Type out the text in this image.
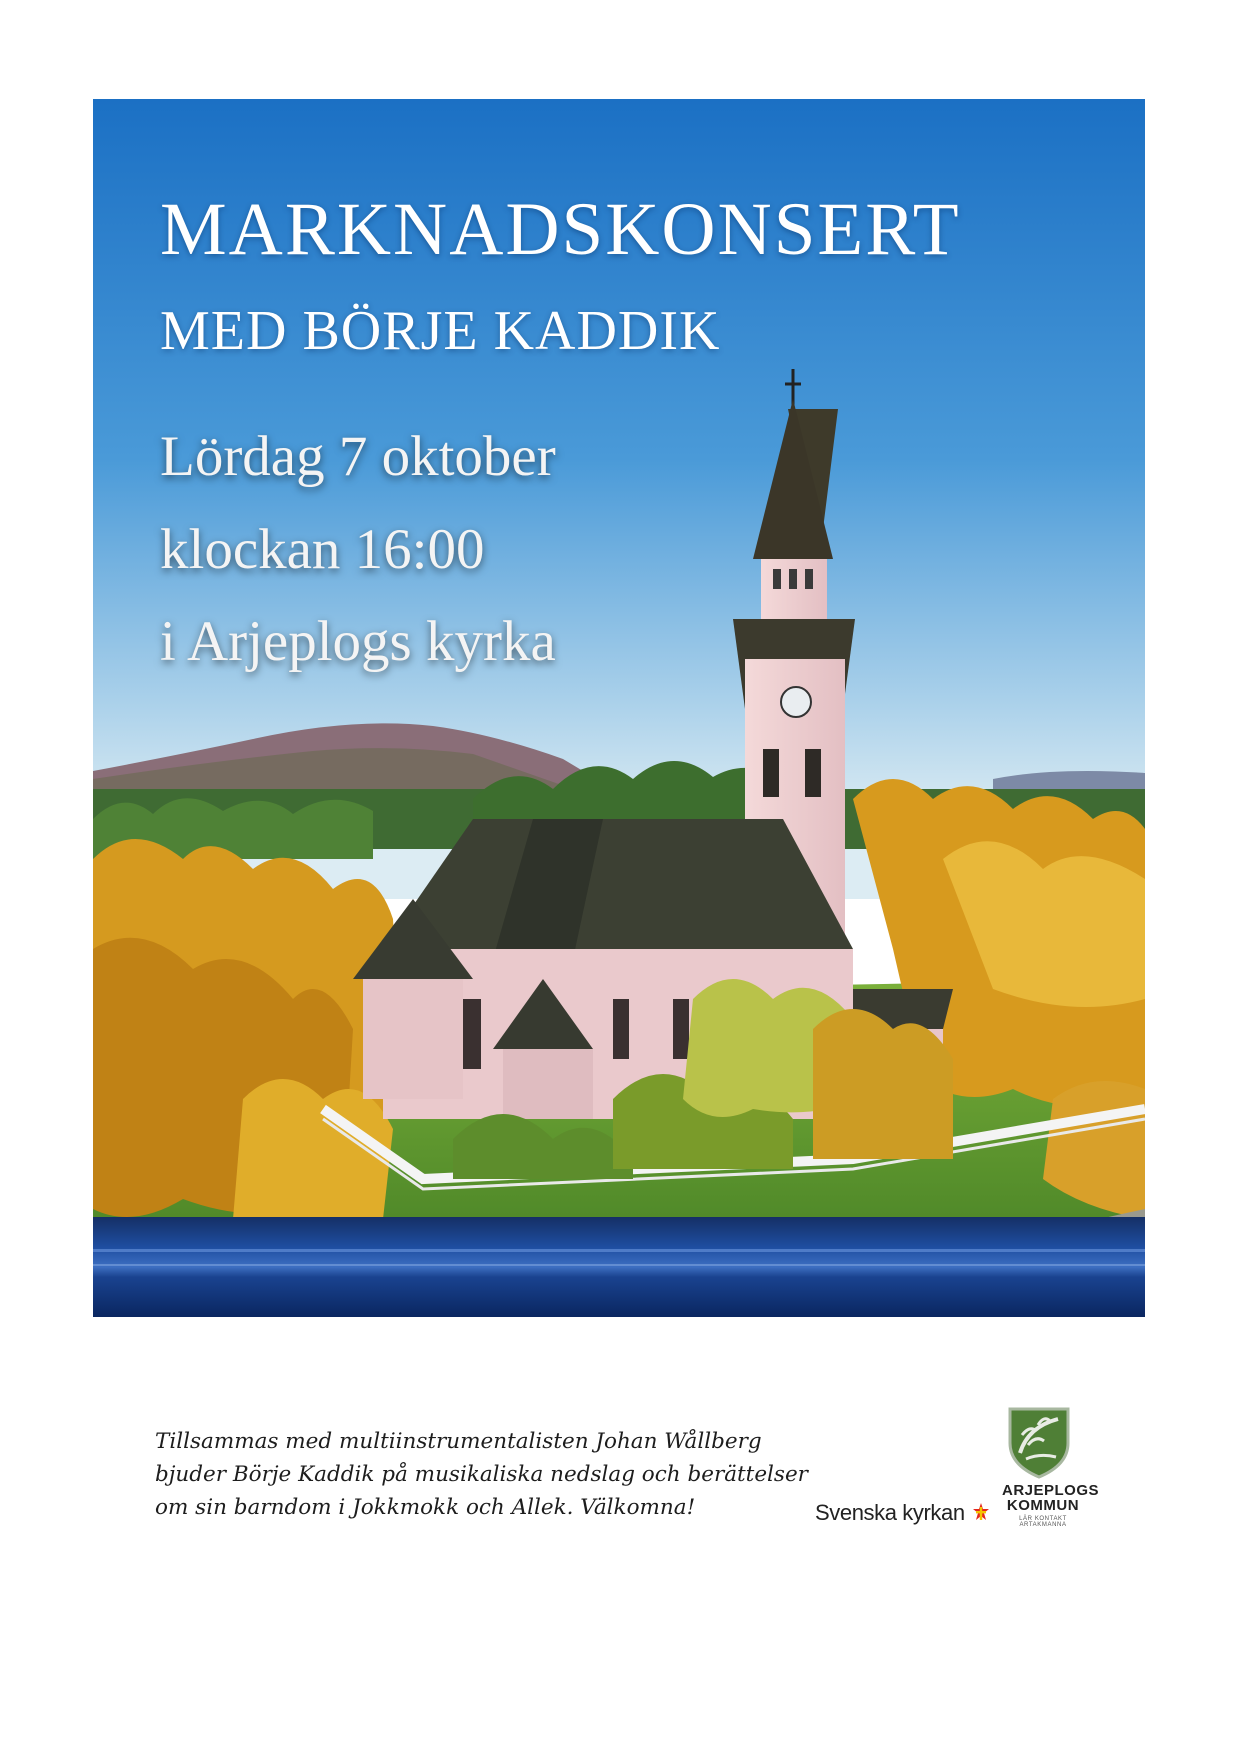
MARKNADSKONSERT
MED BÖRJE KADDIK
Lördag 7 oktober
klockan 16:00
i Arjeplogs kyrka
Tillsammas med multiinstrumentalisten Johan Wållberg
bjuder Börje Kaddik på musikaliska nedslag och berättelser
om sin barndom i Jokkmokk och Allek. Välkomna!	Svenska kyrkan
ARJEPLOGS
KOMMUN
LÄR KONTAKT ARTAKMANNA
